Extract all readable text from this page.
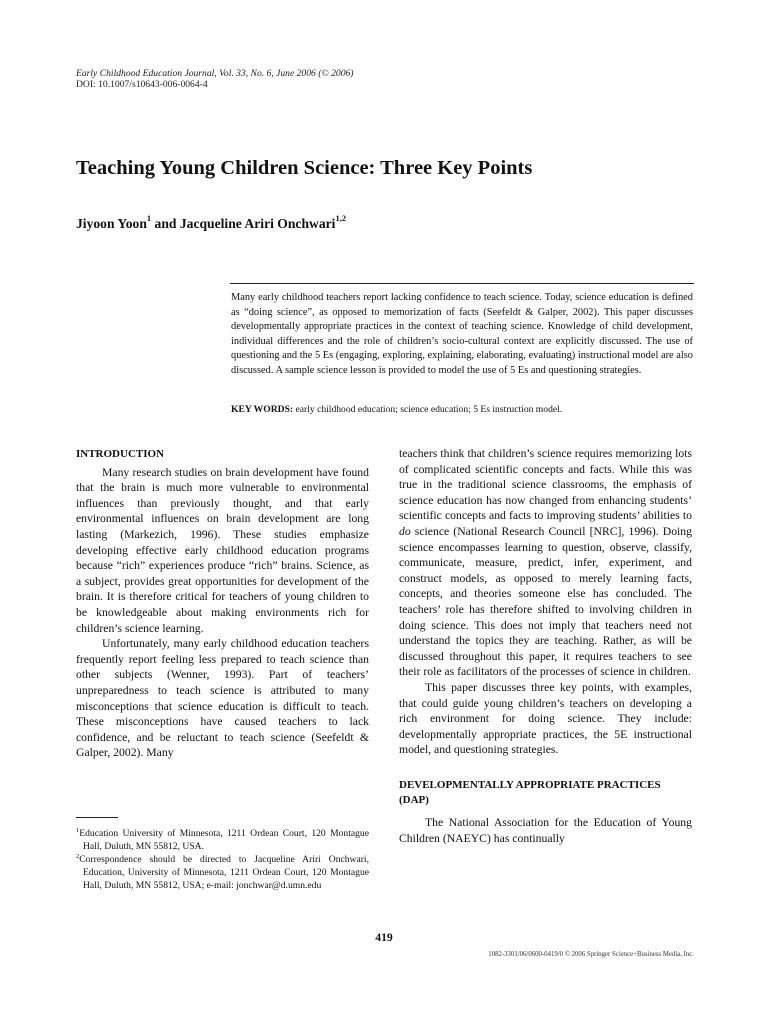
Early Childhood Education Journal, Vol. 33, No. 6, June 2006 (© 2006)
DOI: 10.1007/s10643-006-0064-4
Teaching Young Children Science: Three Key Points
Jiyoon Yoon$^1$ and Jacqueline Ariri Onchwari$^{1,2}$
Many early childhood teachers report lacking confidence to teach science. Today, science education is defined as “doing science”, as opposed to memorization of facts (Seefeldt & Galper, 2002). This paper discusses developmentally appropriate practices in the context of teaching science. Knowledge of child development, individual differences and the role of children’s socio-cultural context are explicitly discussed. The use of questioning and the 5 Es (engaging, exploring, explaining, elaborating, evaluating) instructional model are also discussed. A sample science lesson is provided to model the use of 5 Es and questioning strategies.
KEY WORDS: early childhood education; science education; 5 Es instruction model.
INTRODUCTION

Many research studies on brain development have found that the brain is much more vulnerable to environmental influences than previously thought, and that early environmental influences on brain development are long lasting (Markezich, 1996). These studies emphasize developing effective early childhood education programs because “rich” experiences produce “rich” brains. Science, as a subject, provides great opportunities for development of the brain. It is therefore critical for teachers of young children to be knowledgeable about making environments rich for children’s science learning.

Unfortunately, many early childhood education teachers frequently report feeling less prepared to teach science than other subjects (Wenner, 1993). Part of teachers’ unpreparedness to teach science is attributed to many misconceptions that science education is difficult to teach. These misconceptions have caused teachers to lack confidence, and be reluctant to teach science (Seefeldt & Galper, 2002). Many

teachers think that children’s science requires memorizing lots of complicated scientific concepts and facts. While this was true in the traditional science classrooms, the emphasis of science education has now changed from enhancing students’ scientific concepts and facts to improving students’ abilities to do science (National Research Council [NRC], 1996). Doing science encompasses learning to question, observe, classify, communicate, measure, predict, infer, experiment, and construct models, as opposed to merely learning facts, concepts, and theories someone else has concluded. The teachers’ role has therefore shifted to involving children in doing science. This does not imply that teachers need not understand the topics they are teaching. Rather, as will be discussed throughout this paper, it requires teachers to see their role as facilitators of the processes of science in children.

This paper discusses three key points, with examples, that could guide young children’s teachers on developing a rich environment for doing science. They include: developmentally appropriate practices, the 5E instructional model, and questioning strategies.

DEVELOPMENTALLY APPROPRIATE PRACTICES (DAP)

The National Association for the Education of Young Children (NAEYC) has continually

$^1$Education University of Minnesota, 1211 Ordean Court, 120 Montague Hall, Duluth, MN 55812, USA.

$^2$Correspondence should be directed to Jacqueline Ariri Onchwari, Education, University of Minnesota, 1211 Ordean Court, 120 Montague Hall, Duluth, MN 55812, USA; e-mail: jonchwar@d.umn.edu

419
1082-3301/06/0600-0419/0 © 2006 Springer Science+Business Media, Inc.
